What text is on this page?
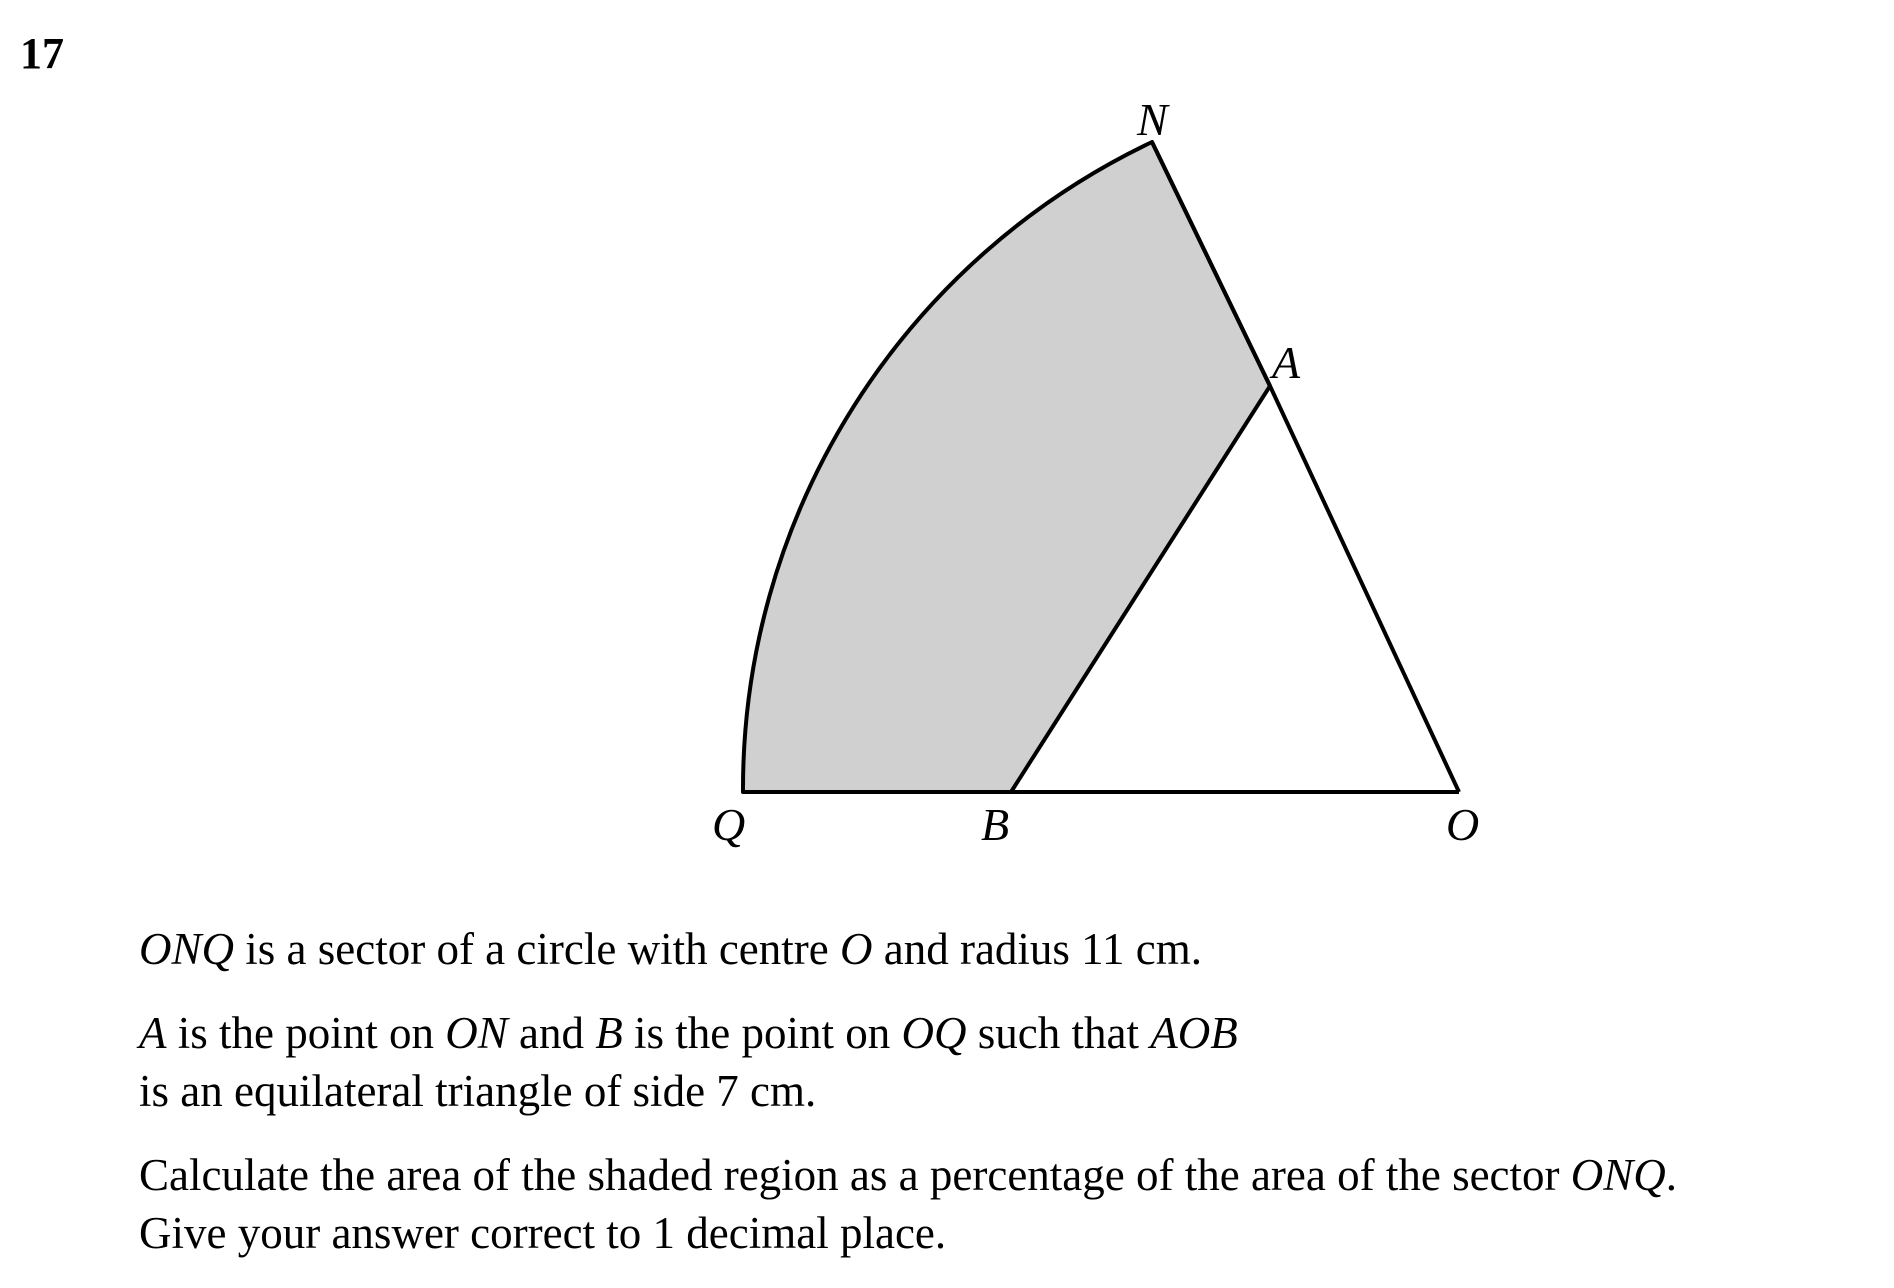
17
N
A
Q	B	O

ONQ is a sector of a circle with centre O and radius 11 cm.

A is the point on ON and B is the point on OQ such that AOB
is an equilateral triangle of side 7 cm.

Calculate the area of the shaded region as a percentage of the area of the sector ONQ.
Give your answer correct to 1 decimal place.
